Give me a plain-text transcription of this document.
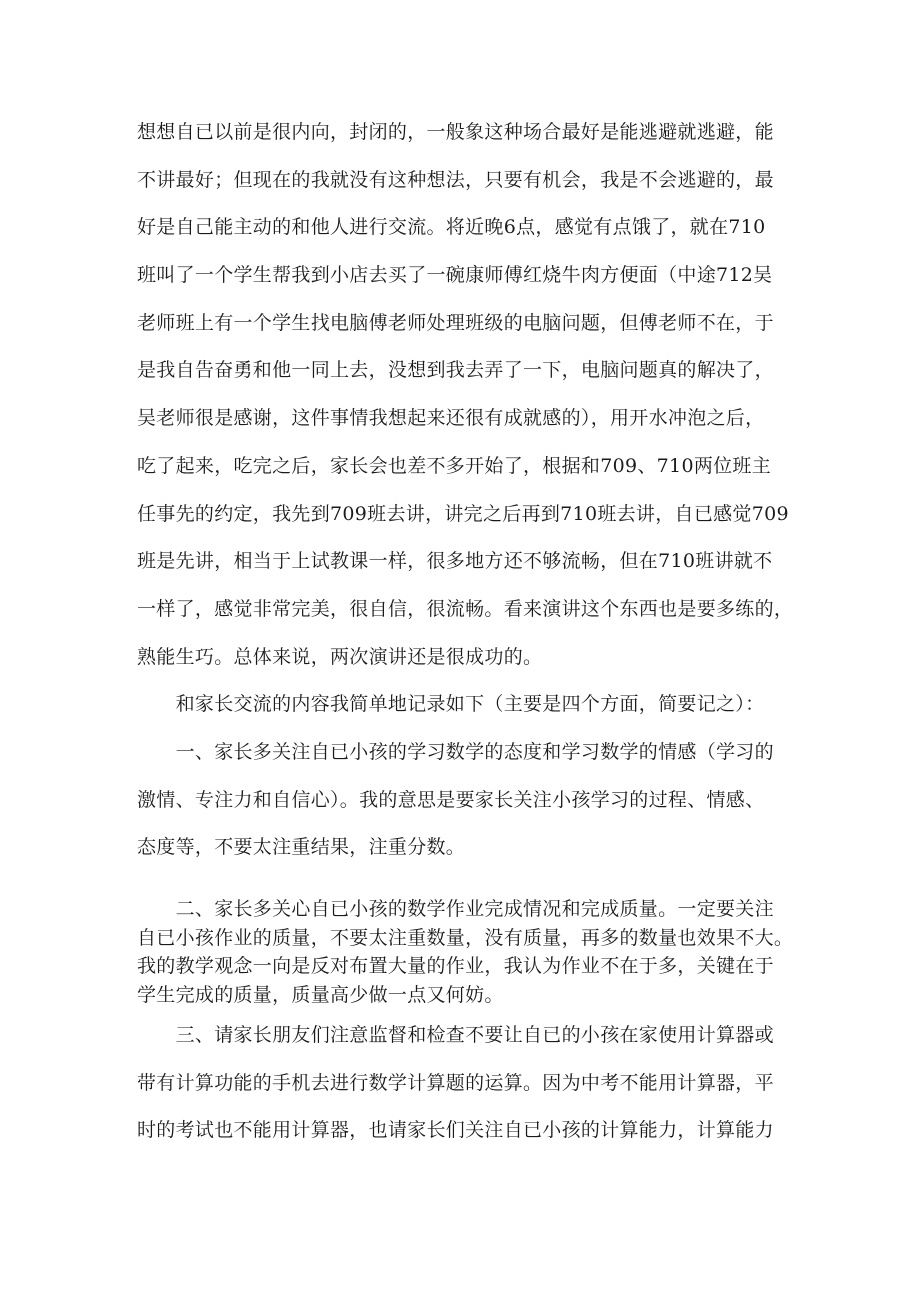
想想自已以前是很内向，封闭的，一般象这种场合最好是能逃避就逃避，能
不讲最好；但现在的我就没有这种想法，只要有机会，我是不会逃避的，最
好是自己能主动的和他人进行交流。将近晚6点，感觉有点饿了，就在710
班叫了一个学生帮我到小店去买了一碗康师傅红烧牛肉方便面（中途712吴
老师班上有一个学生找电脑傅老师处理班级的电脑问题，但傅老师不在，于
是我自告奋勇和他一同上去，没想到我去弄了一下，电脑问题真的解决了，
吴老师很是感谢，这件事情我想起来还很有成就感的），用开水冲泡之后，
吃了起来，吃完之后，家长会也差不多开始了，根据和709、710两位班主
任事先的约定，我先到709班去讲，讲完之后再到710班去讲，自已感觉709
班是先讲，相当于上试教课一样，很多地方还不够流畅，但在710班讲就不
一样了，感觉非常完美，很自信，很流畅。看来演讲这个东西也是要多练的，
熟能生巧。总体来说，两次演讲还是很成功的。
　　和家长交流的内容我简单地记录如下（主要是四个方面，简要记之）：
　　一、家长多关注自已小孩的学习数学的态度和学习数学的情感（学习的
激情、专注力和自信心）。我的意思是要家长关注小孩学习的过程、情感、
态度等，不要太注重结果，注重分数。
　　二、家长多关心自已小孩的数学作业完成情况和完成质量。一定要关注
自已小孩作业的质量，不要太注重数量，没有质量，再多的数量也效果不大。
我的教学观念一向是反对布置大量的作业，我认为作业不在于多，关键在于
学生完成的质量，质量高少做一点又何妨。
　　三、请家长朋友们注意监督和检查不要让自已的小孩在家使用计算器或
带有计算功能的手机去进行数学计算题的运算。因为中考不能用计算器，平
时的考试也不能用计算器，也请家长们关注自已小孩的计算能力，计算能力
